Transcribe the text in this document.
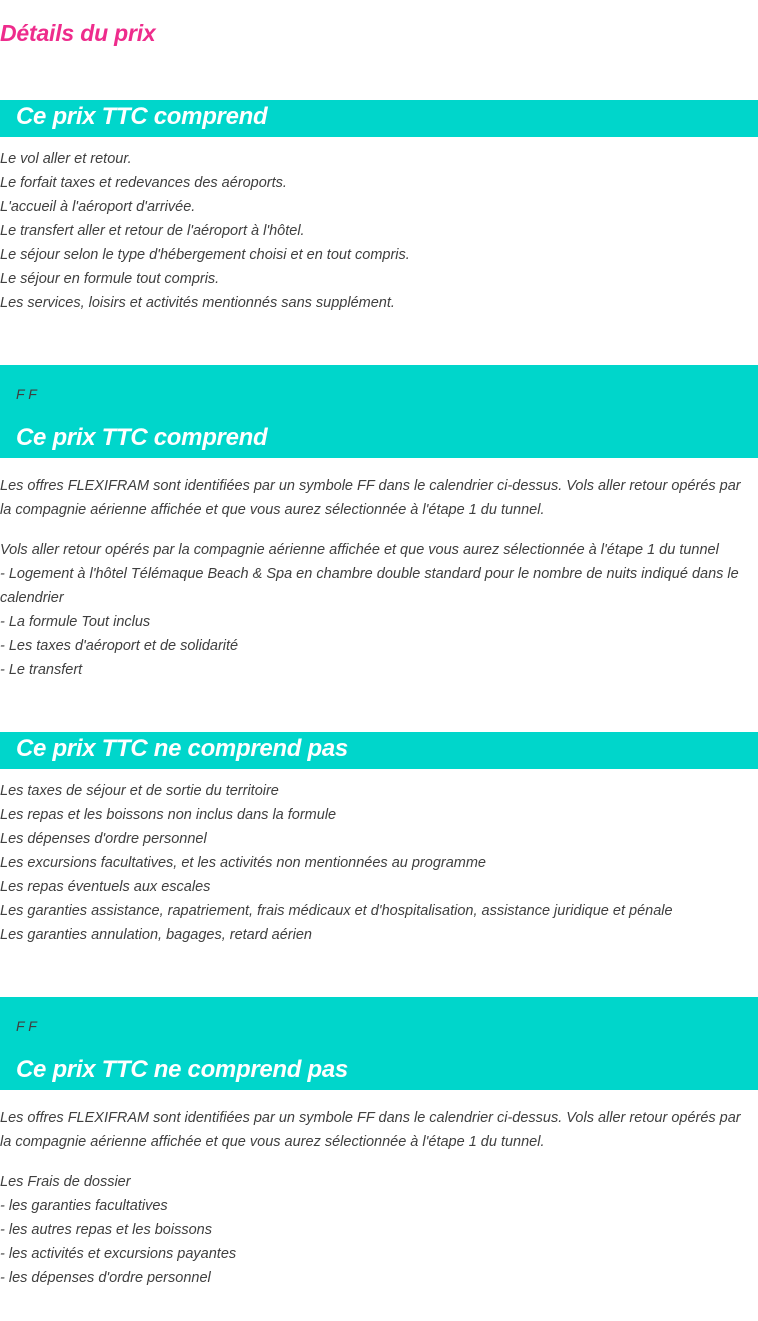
Détails du prix
Ce prix TTC comprend
Le vol aller et retour.
Le forfait taxes et redevances des aéroports.
L'accueil à l'aéroport d'arrivée.
Le transfert aller et retour de l'aéroport à l'hôtel.
Le séjour selon le type d'hébergement choisi et en tout compris.
Le séjour en formule tout compris.
Les services, loisirs et activités mentionnés sans supplément.
F F
Ce prix TTC comprend

Les offres FLEXIFRAM sont identifiées par un symbole FF dans le calendrier ci-dessus. Vols aller retour opérés par la compagnie aérienne affichée et que vous aurez sélectionnée à l'étape 1 du tunnel.

Vols aller retour opérés par la compagnie aérienne affichée et que vous aurez sélectionnée à l'étape 1 du tunnel
- Logement à l'hôtel Télémaque Beach & Spa en chambre double standard pour le nombre de nuits indiqué dans le calendrier
- La formule Tout inclus
- Les taxes d'aéroport et de solidarité
- Le transfert
Ce prix TTC ne comprend pas
Les taxes de séjour et de sortie du territoire
Les repas et les boissons non inclus dans la formule
Les dépenses d'ordre personnel
Les excursions facultatives, et les activités non mentionnées au programme
Les repas éventuels aux escales
Les garanties assistance, rapatriement, frais médicaux et d'hospitalisation, assistance juridique et pénale
Les garanties annulation, bagages, retard aérien
F F
Ce prix TTC ne comprend pas

Les offres FLEXIFRAM sont identifiées par un symbole FF dans le calendrier ci-dessus. Vols aller retour opérés par la compagnie aérienne affichée et que vous aurez sélectionnée à l'étape 1 du tunnel.

Les Frais de dossier
- les garanties facultatives
- les autres repas et les boissons
- les activités et excursions payantes
- les dépenses d'ordre personnel
